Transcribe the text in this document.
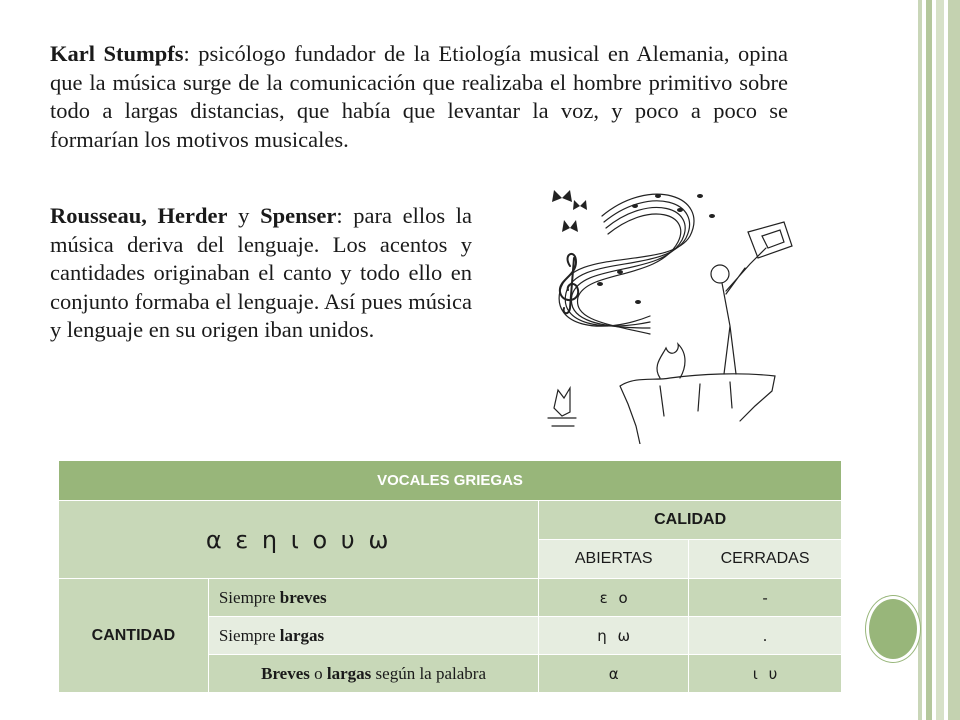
Karl Stumpfs: psicólogo fundador de la Etiología musical en Alemania, opina que la música surge de la comunicación que realizaba el hombre primitivo sobre todo a largas distancias, que había que levantar la voz, y poco a poco se formarían los motivos musicales.

Rousseau, Herder y Spenser: para ellos la música deriva del lenguaje. Los acentos y cantidades originaban el canto y todo ello en conjunto formaba el lenguaje. Así pues música y lenguaje en su origen iban unidos.

VOCALES GRIEGAS			
α ε η ι ο υ ω		CALIDAD	
		ABIERTAS	CERRADAS
CANTIDAD	Siempre breves	ε ο	-
	Siempre largas	η ω	.
	Breves o largas según la palabra	α	ι υ
